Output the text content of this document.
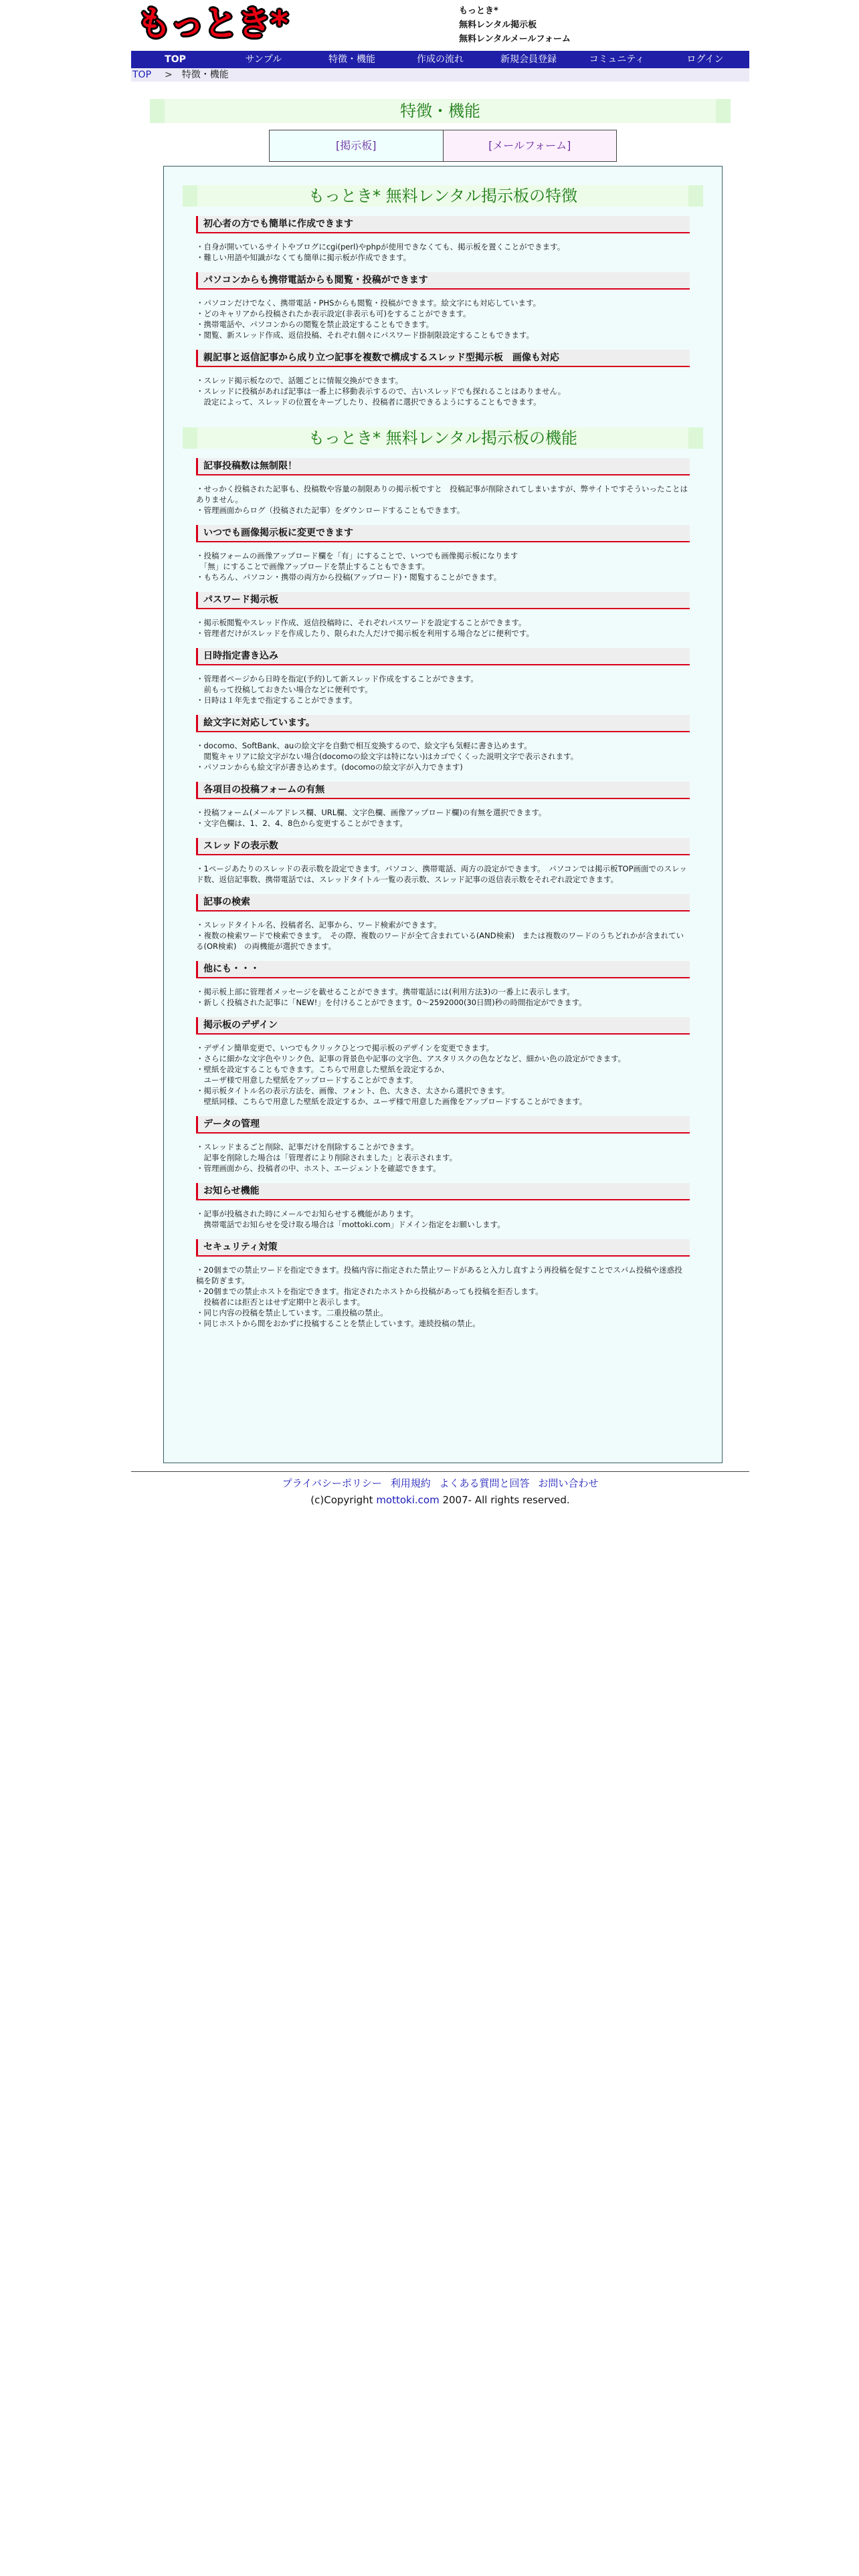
もっとき*	もっとき*
無料レンタル掲示板
無料レンタルメールフォーム
TOP	サンプル	特徴・機能	作成の流れ	新規会員登録	コミュニティ	ログイン
TOP > 特徴・機能
特徴・機能
[掲示板]	[メールフォーム]
もっとき* 無料レンタル掲示板の特徴
初心者の方でも簡単に作成できます
・自身が開いているサイトやブログにcgi(perl)やphpが使用できなくても、掲示板を置くことができます。
・難しい用語や知識がなくても簡単に掲示板が作成できます。
パソコンからも携帯電話からも閲覧・投稿ができます
・パソコンだけでなく、携帯電話・PHSからも閲覧・投稿ができます。絵文字にも対応しています。
・どのキャリアから投稿されたか表示設定(非表示も可)をすることができます。
・携帯電話や、パソコンからの閲覧を禁止設定することもできます。
・閲覧、新スレッド作成、返信投稿、それぞれ個々にパスワード掛制限設定することもできます。
親記事と返信記事から成り立つ記事を複数で構成するスレッド型掲示板　画像も対応
・スレッド掲示板なので、話題ごとに情報交換ができます。
・スレッドに投稿があれば記事は一番上に移動表示するので、古いスレッドでも探れることはありません。
　設定によって、スレッドの位置をキープしたり、投稿者に選択できるようにすることもできます。
もっとき* 無料レンタル掲示板の機能
記事投稿数は無制限！
・せっかく投稿された記事も、投稿数や容量の制限ありの掲示板ですと　投稿記事が削除されてしまいますが、弊サイトですそういったことはありません。
・管理画面からログ（投稿された記事）をダウンロードすることもできます。
いつでも画像掲示板に変更できます
・投稿フォームの画像アップロード欄を「有」にすることで、いつでも画像掲示板になります
　「無」にすることで画像アップロードを禁止することもできます。
・もちろん、パソコン・携帯の両方から投稿(アップロード)・閲覧することができます。
パスワード掲示板
・掲示板閲覧やスレッド作成、返信投稿時に、それぞれパスワードを設定することができます。
・管理者だけがスレッドを作成したり、限られた人だけで掲示板を利用する場合などに便利です。
日時指定書き込み
・管理者ページから日時を指定(予約)して新スレッド作成をすることができます。
　前もって投稿しておきたい場合などに便利です。
・日時は１年先まで指定することができます。
絵文字に対応しています。
・docomo、SoftBank、auの絵文字を自動で相互変換するので、絵文字も気軽に書き込めます。
　閲覧キャリアに絵文字がない場合(docomoの絵文字は特にない)はカゴでくくった説明文字で表示されます。
・パソコンからも絵文字が書き込めます。(docomoの絵文字が入力できます)
各項目の投稿フォームの有無
・投稿フォーム(メールアドレス欄、URL欄、文字色欄、画像アップロード欄)の有無を選択できます。
・文字色欄は、1、2、4、8色から変更することができます。
スレッドの表示数
・1ページあたりのスレッドの表示数を設定できます。パソコン、携帯電話、両方の設定ができます。　パソコンでは掲示板TOP画面でのスレッド数、返信記事数、携帯電話では、スレッドタイトル一覧の表示数、スレッド記事の返信表示数をそれぞれ設定できます。
記事の検索
・スレッドタイトル名、投稿者名、記事から、ワード検索ができます。
・複数の検索ワードで検索できます。　その際、複数のワードが全て含まれている(AND検索)　または複数のワードのうちどれかが含まれている(OR検索)　の両機能が選択できます。
他にも・・・
・掲示板上部に管理者メッセージを載せることができます。携帯電話には(利用方法3)の一番上に表示します。
・新しく投稿された記事に「NEW!」を付けることができます。0〜2592000(30日間)秒の時間指定ができます。
掲示板のデザイン
・デザイン簡単変更で、いつでもクリックひとつで掲示板のデザインを変更できます。
・さらに細かな文字色やリンク色、記事の背景色や記事の文字色、アスタリスクの色などなど、細かい色の設定ができます。
・壁紙を設定することもできます。こちらで用意した壁紙を設定するか、
　ユーザ様で用意した壁紙をアップロードすることができます。
・掲示板タイトル名の表示方法を、画像、フォント、色、大きさ、太さから選択できます。
　壁紙同様、こちらで用意した壁紙を設定するか、ユーザ様で用意した画像をアップロードすることができます。
データの管理
・スレッドまるごと削除、記事だけを削除することができます。
　記事を削除した場合は「管理者により削除されました」と表示されます。
・管理画面から、投稿者の中、ホスト、エージェントを確認できます。
お知らせ機能
・記事が投稿された時にメールでお知らせする機能があります。
　携帯電話でお知らせを受け取る場合は「mottoki.com」ドメイン指定をお願いします。
セキュリティ対策
・20個までの禁止ワードを指定できます。投稿内容に指定された禁止ワードがあると入力し直すよう再投稿を促すことでスパム投稿や迷惑投稿を防ぎます。
・20個までの禁止ホストを指定できます。指定されたホストから投稿があっても投稿を拒否します。
　投稿者には拒否とはせず定期中と表示します。
・同じ内容の投稿を禁止しています。二重投稿の禁止。
・同じホストから間をおかずに投稿することを禁止しています。連続投稿の禁止。
プライバシーポリシー 利用規約 よくある質問と回答 お問い合わせ
(c)Copyright mottoki.com 2007- All rights reserved.
